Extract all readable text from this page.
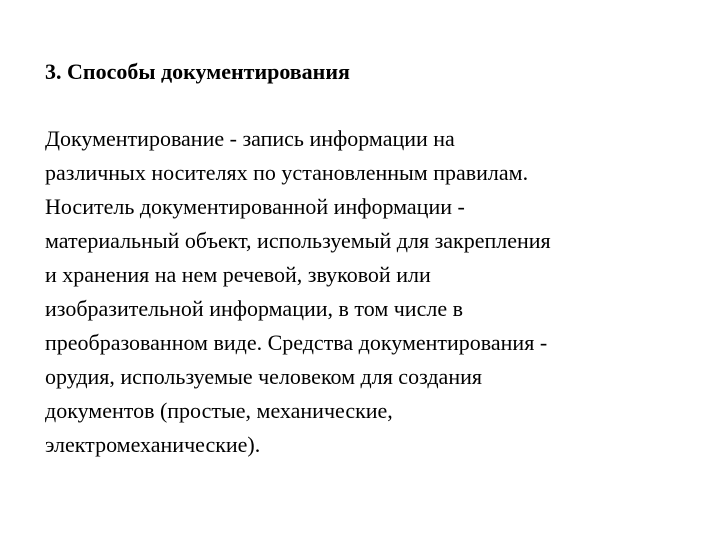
3. Способы документирования
Документирование - запись информации на
различных носителях по установленным правилам.
Носитель документированной информации -
материальный объект, используемый для закрепления
и хранения на нем речевой, звуковой или
изобразительной информации, в том числе в
преобразованном виде. Средства документирования -
орудия, используемые человеком для создания
документов (простые, механические,
электромеханические).
